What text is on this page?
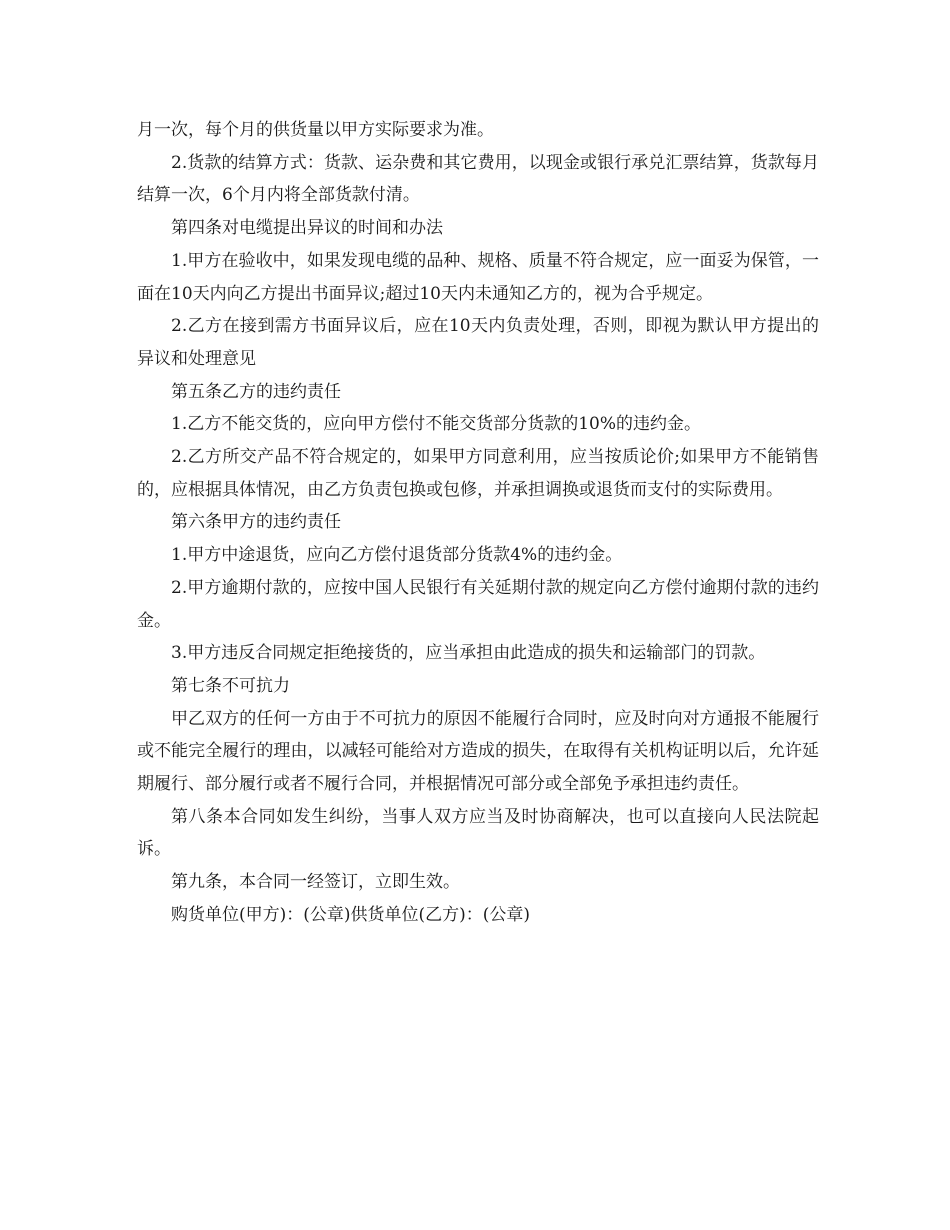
月一次，每个月的供货量以甲方实际要求为准。

2.货款的结算方式：货款、运杂费和其它费用，以现金或银行承兑汇票结算，货款每月结算一次，6个月内将全部货款付清。

第四条对电缆提出异议的时间和办法

1.甲方在验收中，如果发现电缆的品种、规格、质量不符合规定，应一面妥为保管，一面在10天内向乙方提出书面异议;超过10天内未通知乙方的，视为合乎规定。

2.乙方在接到需方书面异议后，应在10天内负责处理，否则，即视为默认甲方提出的异议和处理意见

第五条乙方的违约责任

1.乙方不能交货的，应向甲方偿付不能交货部分货款的10%的违约金。

2.乙方所交产品不符合规定的，如果甲方同意利用，应当按质论价;如果甲方不能销售的，应根据具体情况，由乙方负责包换或包修，并承担调换或退货而支付的实际费用。

第六条甲方的违约责任

1.甲方中途退货，应向乙方偿付退货部分货款4%的违约金。

2.甲方逾期付款的，应按中国人民银行有关延期付款的规定向乙方偿付逾期付款的违约金。

3.甲方违反合同规定拒绝接货的，应当承担由此造成的损失和运输部门的罚款。

第七条不可抗力

甲乙双方的任何一方由于不可抗力的原因不能履行合同时，应及时向对方通报不能履行或不能完全履行的理由，以减轻可能给对方造成的损失，在取得有关机构证明以后，允许延期履行、部分履行或者不履行合同，并根据情况可部分或全部免予承担违约责任。

第八条本合同如发生纠纷，当事人双方应当及时协商解决，也可以直接向人民法院起诉。

第九条，本合同一经签订，立即生效。

购货单位(甲方)：(公章)供货单位(乙方)：(公章)
